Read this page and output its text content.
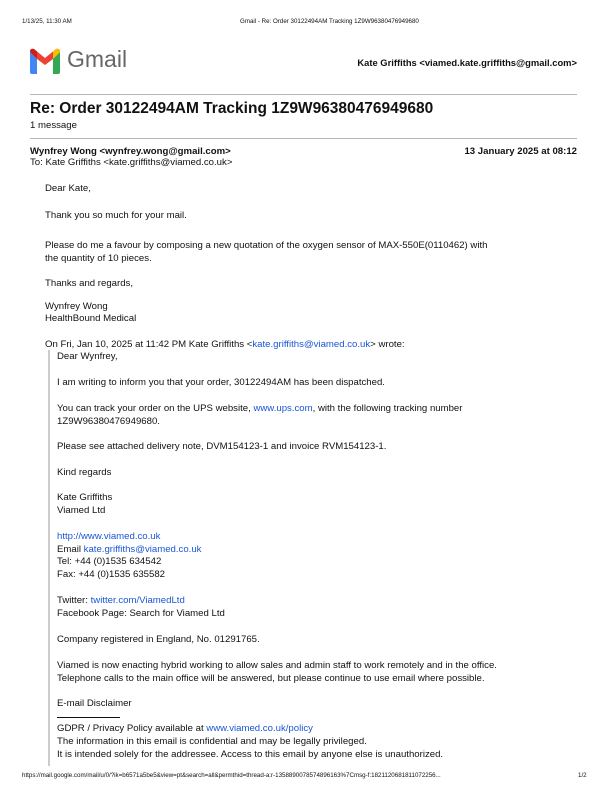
1/13/25, 11:30 AM	Gmail - Re: Order 30122494AM Tracking 1Z9W96380476949680
Gmail	Kate Griffiths <viamed.kate.griffiths@gmail.com>
Re: Order 30122494AM Tracking 1Z9W96380476949680
1 message
Wynfrey Wong <wynfrey.wong@gmail.com>	13 January 2025 at 08:12
To: Kate Griffiths <kate.griffiths@viamed.co.uk>
Dear Kate,
Thank you so much for your mail.
Please do me a favour by composing a new quotation of the oxygen sensor of MAX-550E(0110462) with
the quantity of 10 pieces.
Thanks and regards,
Wynfrey Wong
HealthBound Medical
On Fri, Jan 10, 2025 at 11:42 PM Kate Griffiths <kate.griffiths@viamed.co.uk> wrote:
Dear Wynfrey,
I am writing to inform you that your order, 30122494AM has been dispatched.
You can track your order on the UPS website, www.ups.com, with the following tracking number
1Z9W96380476949680.
Please see attached delivery note, DVM154123-1 and invoice RVM154123-1.
Kind regards
Kate Griffiths
Viamed Ltd
http://www.viamed.co.uk
Email kate.griffiths@viamed.co.uk
Tel: +44 (0)1535 634542
Fax: +44 (0)1535 635582
Twitter: twitter.com/ViamedLtd
Facebook Page: Search for Viamed Ltd
Company registered in England, No. 01291765.
Viamed is now enacting hybrid working to allow sales and admin staff to work remotely and in the office.
Telephone calls to the main office will be answered, but please continue to use email where possible.
E-mail Disclaimer
GDPR / Privacy Policy available at www.viamed.co.uk/policy
The information in this email is confidential and may be legally privileged.
It is intended solely for the addressee. Access to this email by anyone else is unauthorized.
https://mail.google.com/mail/u/0/?ik=b6571a5be5&view=pt&search=all&permthid=thread-a:r-1358890078574896163%7Cmsg-f:1821120681811072256...	1/2
